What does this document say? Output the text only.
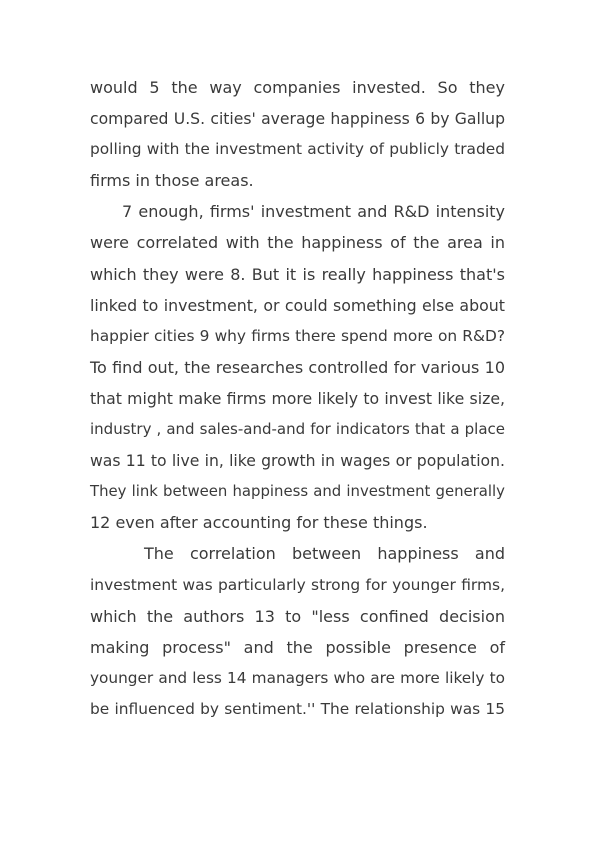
would 5 the way companies invested. So they
compared U.S. cities' average happiness 6 by Gallup
polling with the investment activity of publicly traded
firms in those areas.
7 enough, firms' investment and R&D intensity
were correlated with the happiness of the area in
which they were 8. But it is really happiness that's
linked to investment, or could something else about
happier cities 9 why firms there spend more on R&D?
To find out, the researches controlled for various 10
that might make firms more likely to invest like size,
industry , and sales-and-and for indicators that a place
was 11 to live in, like growth in wages or population.
They link between happiness and investment generally
12 even after accounting for these things.
The correlation between happiness and
investment was particularly strong for younger firms,
which the authors 13 to "less confined decision
making process" and the possible presence of
younger and less 14 managers who are more likely to
be influenced by sentiment.'' The relationship was 15
